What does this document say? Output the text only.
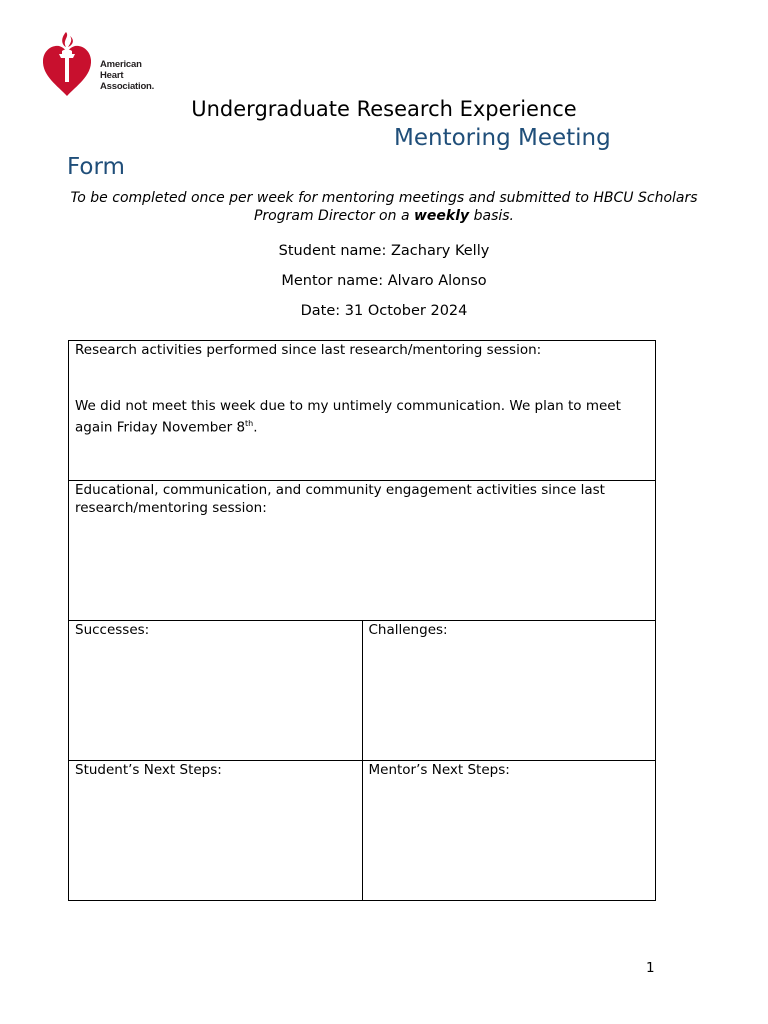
American
Heart
Association.
Undergraduate Research Experience
Mentoring Meeting
Form
To be completed once per week for mentoring meetings and submitted to HBCU Scholars Program Director on a weekly basis.
Student name: Zachary Kelly
Mentor name: Alvaro Alonso
Date: 31 October 2024
Research activities performed since last research/mentoring session:
We did not meet this week due to my untimely communication. We plan to meet again Friday November 8th.	

Educational, communication, and community engagement activities since last research/mentoring session:	

Successes:	Challenges:

Student’s Next Steps:	Mentor’s Next Steps:
1
